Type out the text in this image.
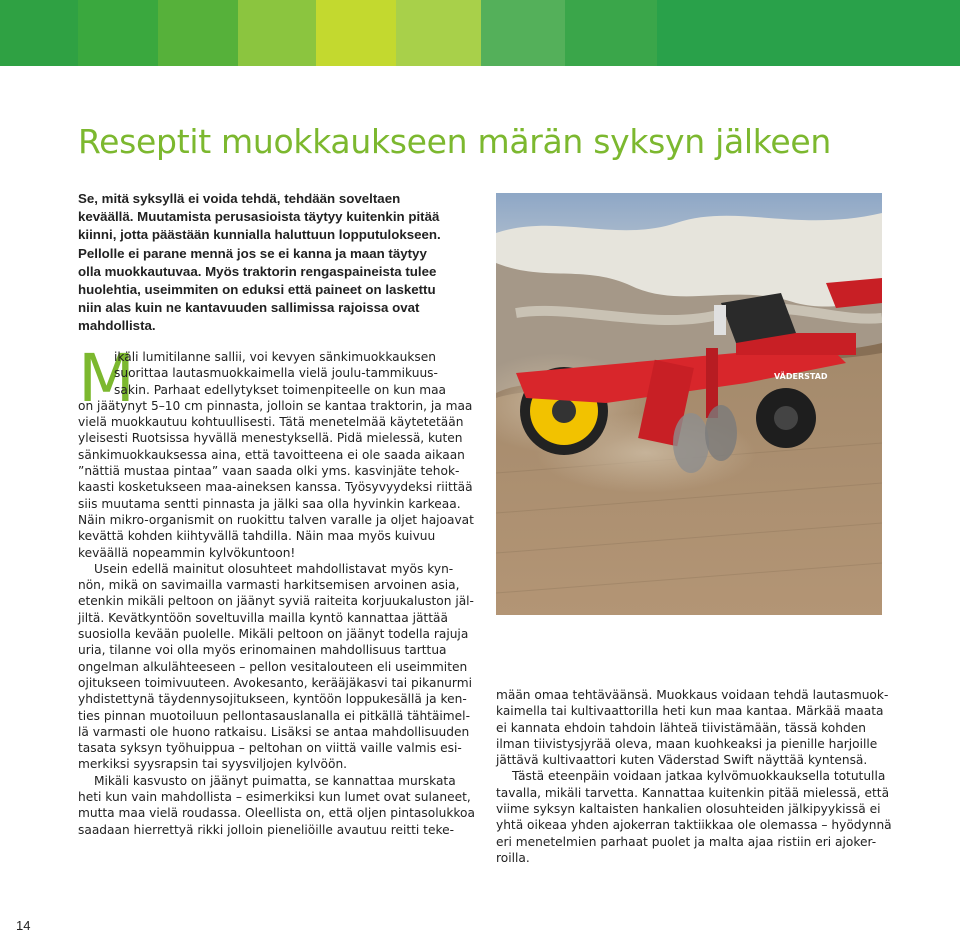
Reseptit muokkaukseen märän syksyn jälkeen
Se, mitä syksyllä ei voida tehdä, tehdään soveltaen
keväällä. Muutamista perusasioista täytyy kuitenkin pitää
kiinni, jotta päästään kunnialla haluttuun lopputulokseen.
Pellolle ei parane mennä jos se ei kanna ja maan täytyy
olla muokkautuvaa. Myös traktorin rengaspaineista tulee
huolehtia, useimmiten on eduksi että paineet on laskettu
niin alas kuin ne kantavuuden sallimissa rajoissa ovat
mahdollista.
M
ikäli lumitilanne sallii, voi kevyen sänkimuokkauksen
suorittaa lautasmuokkaimella vielä joulu-tammikuus-
sakin. Parhaat edellytykset toimenpiteelle on kun maa
on jäätynyt 5–10 cm pinnasta, jolloin se kantaa traktorin, ja maa
vielä muokkautuu kohtuullisesti. Tätä menetelmää käytetetään
yleisesti Ruotsissa hyvällä menestyksellä. Pidä mielessä, kuten
sänkimuokkauksessa aina, että tavoitteena ei ole saada aikaan
”nättiä mustaa pintaa” vaan saada olki yms. kasvinjäte tehok-
kaasti kosketukseen maa-aineksen kanssa. Työsyvyydeksi riittää
siis muutama sentti pinnasta ja jälki saa olla hyvinkin karkeaa.
Näin mikro-organismit on ruokittu talven varalle ja oljet hajoavat
kevättä kohden kiihtyvällä tahdilla. Näin maa myös kuivuu
keväällä nopeammin kylvökuntoon!
Usein edellä mainitut olosuhteet mahdollistavat myös kyn-
nön, mikä on savimailla varmasti harkitsemisen arvoinen asia,
etenkin mikäli peltoon on jäänyt syviä raiteita korjuukaluston jäl-
jiltä. Kevätkyntöön soveltuvilla mailla kyntö kannattaa jättää
suosiolla kevään puolelle. Mikäli peltoon on jäänyt todella rajuja
uria, tilanne voi olla myös erinomainen mahdollisuus tarttua
ongelman alkulähteeseen – pellon vesitalouteen eli useimmiten
ojitukseen toimivuuteen. Avokesanto, kerääjäkasvi tai pikanurmi
yhdistettynä täydennysojitukseen, kyntöön loppukesällä ja ken-
ties pinnan muotoiluun pellontasauslanalla ei pitkällä tähtäimel-
lä varmasti ole huono ratkaisu. Lisäksi se antaa mahdollisuuden
tasata syksyn työhuippua – peltohan on viittä vaille valmis esi-
merkiksi syysrapsin tai syysviljojen kylvöön.
Mikäli kasvusto on jäänyt puimatta, se kannattaa murskata
heti kun vain mahdollista – esimerkiksi kun lumet ovat sulaneet,
mutta maa vielä roudassa. Oleellista on, että oljen pintasolukkoa
saadaan hierrettyä rikki jolloin pieneliöille avautuu reitti teke-
VÄDERSTAD
mään omaa tehtäväänsä. Muokkaus voidaan tehdä lautasmuok-
kaimella tai kultivaattorilla heti kun maa kantaa. Märkää maata
ei kannata ehdoin tahdoin lähteä tiivistämään, tässä kohden
ilman tiivistysjyrää oleva, maan kuohkeaksi ja pienille harjoille
jättävä kultivaattori kuten Väderstad Swift näyttää kyntensä.
Tästä eteenpäin voidaan jatkaa kylvömuokkauksella totutulla
tavalla, mikäli tarvetta. Kannattaa kuitenkin pitää mielessä, että
viime syksyn kaltaisten hankalien olosuhteiden jälkipyykissä ei
yhtä oikeaa yhden ajokerran taktiikkaa ole olemassa – hyödynnä
eri menetelmien parhaat puolet ja malta ajaa ristiin eri ajoker-
roilla.
14
